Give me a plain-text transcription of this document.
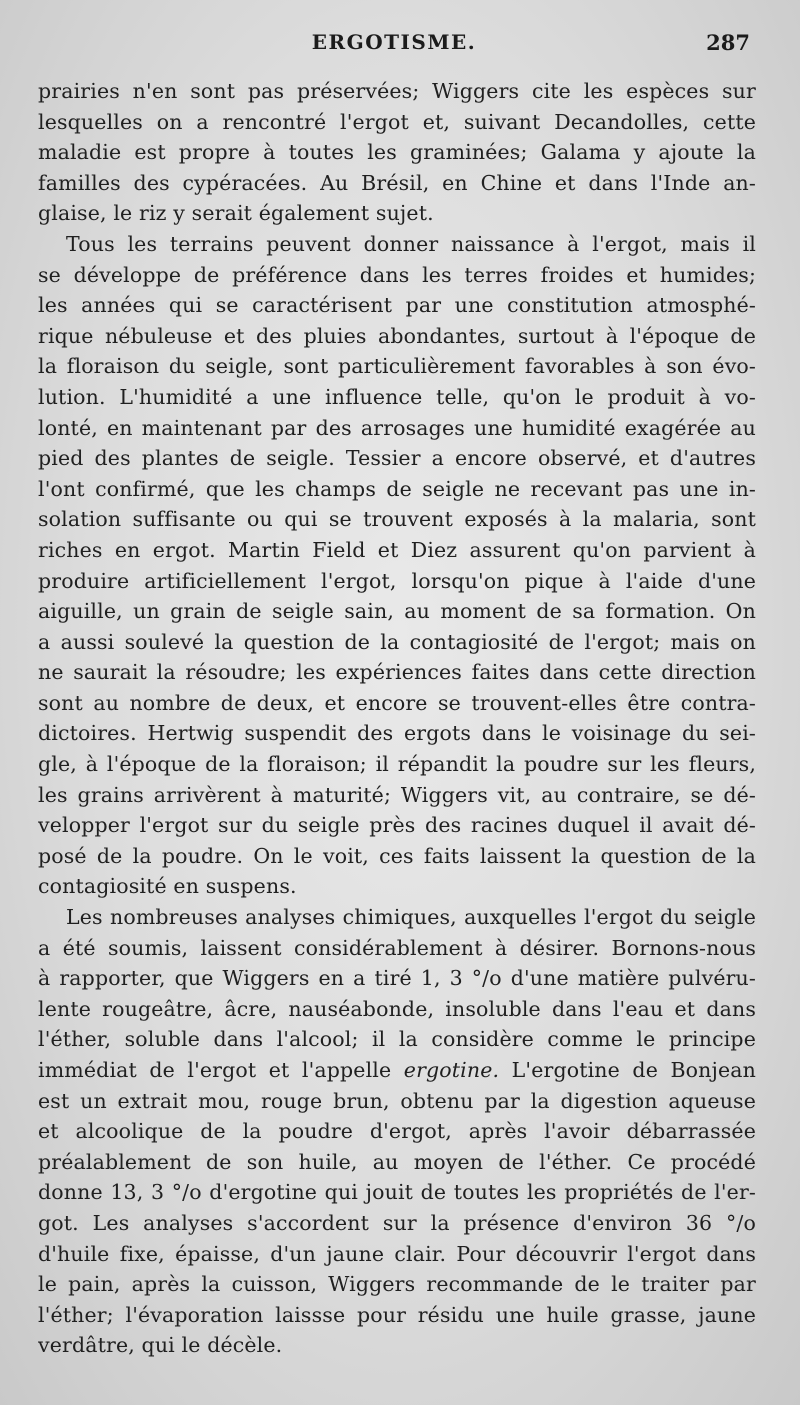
ERGOTISME.	287

prairies n'en sont pas préservées; Wiggers cite les espèces sur
lesquelles on a rencontré l'ergot et, suivant Decandolles, cette
maladie est propre à toutes les graminées; Galama y ajoute la
familles des cypéracées. Au Brésil, en Chine et dans l'Inde an-
glaise, le riz y serait également sujet.

Tous les terrains peuvent donner naissance à l'ergot, mais il
se développe de préférence dans les terres froides et humides;
les années qui se caractérisent par une constitution atmosphé-
rique nébuleuse et des pluies abondantes, surtout à l'époque de
la floraison du seigle, sont particulièrement favorables à son évo-
lution. L'humidité a une influence telle, qu'on le produit à vo-
lonté, en maintenant par des arrosages une humidité exagérée au
pied des plantes de seigle. Tessier a encore observé, et d'autres
l'ont confirmé, que les champs de seigle ne recevant pas une in-
solation suffisante ou qui se trouvent exposés à la malaria, sont
riches en ergot. Martin Field et Diez assurent qu'on parvient à
produire artificiellement l'ergot, lorsqu'on pique à l'aide d'une
aiguille, un grain de seigle sain, au moment de sa formation. On
a aussi soulevé la question de la contagiosité de l'ergot; mais on
ne saurait la résoudre; les expériences faites dans cette direction
sont au nombre de deux, et encore se trouvent-elles être contra-
dictoires. Hertwig suspendit des ergots dans le voisinage du sei-
gle, à l'époque de la floraison; il répandit la poudre sur les fleurs,
les grains arrivèrent à maturité; Wiggers vit, au contraire, se dé-
velopper l'ergot sur du seigle près des racines duquel il avait dé-
posé de la poudre. On le voit, ces faits laissent la question de la
contagiosité en suspens.

Les nombreuses analyses chimiques, auxquelles l'ergot du seigle
a été soumis, laissent considérablement à désirer. Bornons-nous
à rapporter, que Wiggers en a tiré 1, 3 °/o d'une matière pulvéru-
lente rougeâtre, âcre, nauséabonde, insoluble dans l'eau et dans
l'éther, soluble dans l'alcool; il la considère comme le principe
immédiat de l'ergot et l'appelle ergotine. L'ergotine de Bonjean
est un extrait mou, rouge brun, obtenu par la digestion aqueuse
et alcoolique de la poudre d'ergot, après l'avoir débarrassée
préalablement de son huile, au moyen de l'éther. Ce procédé
donne 13, 3 °/o d'ergotine qui jouit de toutes les propriétés de l'er-
got. Les analyses s'accordent sur la présence d'environ 36 °/o
d'huile fixe, épaisse, d'un jaune clair. Pour découvrir l'ergot dans
le pain, après la cuisson, Wiggers recommande de le traiter par
l'éther; l'évaporation laissse pour résidu une huile grasse, jaune
verdâtre, qui le décèle.
